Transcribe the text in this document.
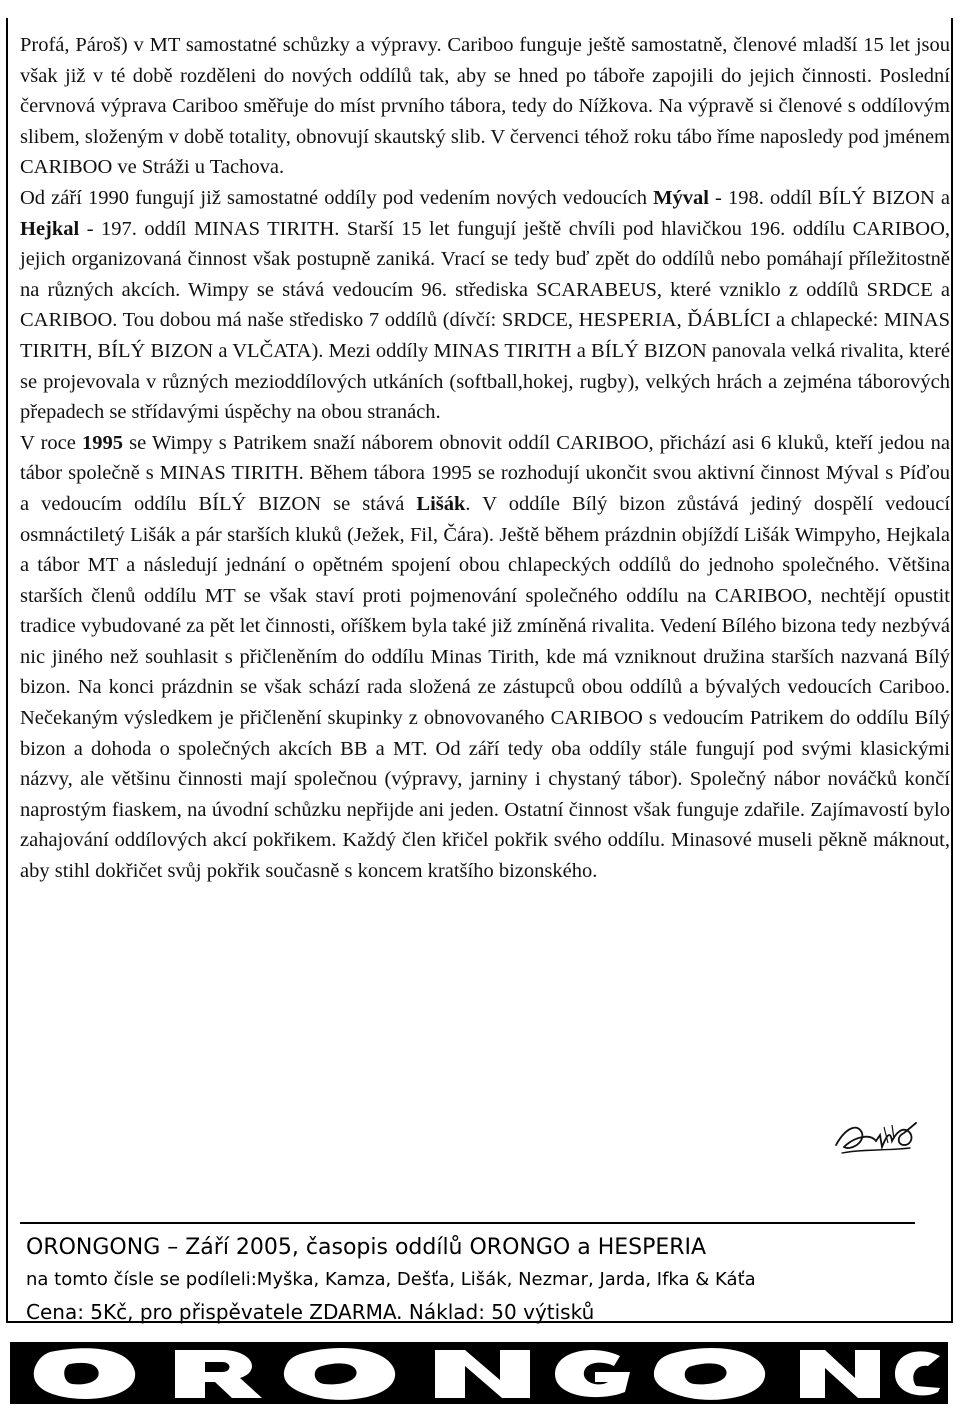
Profá, Pároš) v MT samostatné schůzky a výpravy. Cariboo funguje ještě samostatně, členové mladší 15 let jsou však již v té době rozděleni do nových oddílů tak, aby se hned po táboře zapojili do jejich činnosti. Poslední červnová výprava Cariboo směřuje do míst prvního tábora, tedy do Nížkova. Na výpravě si členové s oddílovým slibem, složeným v době totality, obnovují skautský slib. V červenci téhož roku tábo říme naposledy pod jménem CARIBOO ve Stráži u Tachova.

Od září 1990 fungují již samostatné oddíly pod vedením nových vedoucích Mýval - 198. oddíl BÍLÝ BIZON a Hejkal - 197. oddíl MINAS TIRITH. Starší 15 let fungují ještě chvíli pod hlavičkou 196. oddílu CARIBOO, jejich organizovaná činnost však postupně zaniká. Vrací se tedy buď zpět do oddílů nebo pomáhají příležitostně na různých akcích. Wimpy se stává vedoucím 96. střediska SCARABEUS, které vzniklo z oddílů SRDCE a CARIBOO. Tou dobou má naše středisko 7 oddílů (dívčí: SRDCE, HESPERIA, ĎÁBLÍCI a chlapecké: MINAS TIRITH, BÍLÝ BIZON a VLČATA). Mezi oddíly MINAS TIRITH a BÍLÝ BIZON panovala velká rivalita, které se projevovala v různých mezioddílových utkáních (softball,hokej, rugby), velkých hrách a zejména táborových přepadech se střídavými úspěchy na obou stranách.

V roce 1995 se Wimpy s Patrikem snaží náborem obnovit oddíl CARIBOO, přichází asi 6 kluků, kteří jedou na tábor společně s MINAS TIRITH. Během tábora 1995 se rozhodují ukončit svou aktivní činnost Mýval s Píďou a vedoucím oddílu BÍLÝ BIZON se stává Lišák. V oddíle Bílý bizon zůstává jediný dospělí vedoucí osmnáctiletý Lišák a pár starších kluků (Ježek, Fil, Čára). Ještě během prázdnin objíždí Lišák Wimpyho, Hejkala a tábor MT a následují jednání o opětném spojení obou chlapeckých oddílů do jednoho společného. Většina starších členů oddílu MT se však staví proti pojmenování společného oddílu na CARIBOO, nechtějí opustit tradice vybudované za pět let činnosti, oříškem byla také již zmíněná rivalita. Vedení Bílého bizona tedy nezbývá nic jiného než souhlasit s přičleněním do oddílu Minas Tirith, kde má vzniknout družina starších nazvaná Bílý bizon. Na konci prázdnin se však schází rada složená ze zástupců obou oddílů a bývalých vedoucích Cariboo. Nečekaným výsledkem je přičlenění skupinky z obnovovaného CARIBOO s vedoucím Patrikem do oddílu Bílý bizon a dohoda o společných akcích BB a MT. Od září tedy oba oddíly stále fungují pod svými klasickými názvy, ale většinu činnosti mají společnou (výpravy, jarniny i chystaný tábor). Společný nábor nováčků končí naprostým fiaskem, na úvodní schůzku nepřijde ani jeden. Ostatní činnost však funguje zdařile. Zajímavostí bylo zahajování oddílových akcí pokřikem. Každý člen křičel pokřik svého oddílu. Minasové museli pěkně máknout, aby stihl dokřičet svůj pokřik současně s koncem kratšího bizonského.

ORONGONG – Září 2005, časopis oddílů ORONGO a HESPERIA
na tomto čísle se podíleli:Myška, Kamza, Dešťa, Lišák, Nezmar, Jarda, Ifka & Káťa
Cena: 5Kč, pro přispěvatele ZDARMA. Náklad: 50 výtisků
